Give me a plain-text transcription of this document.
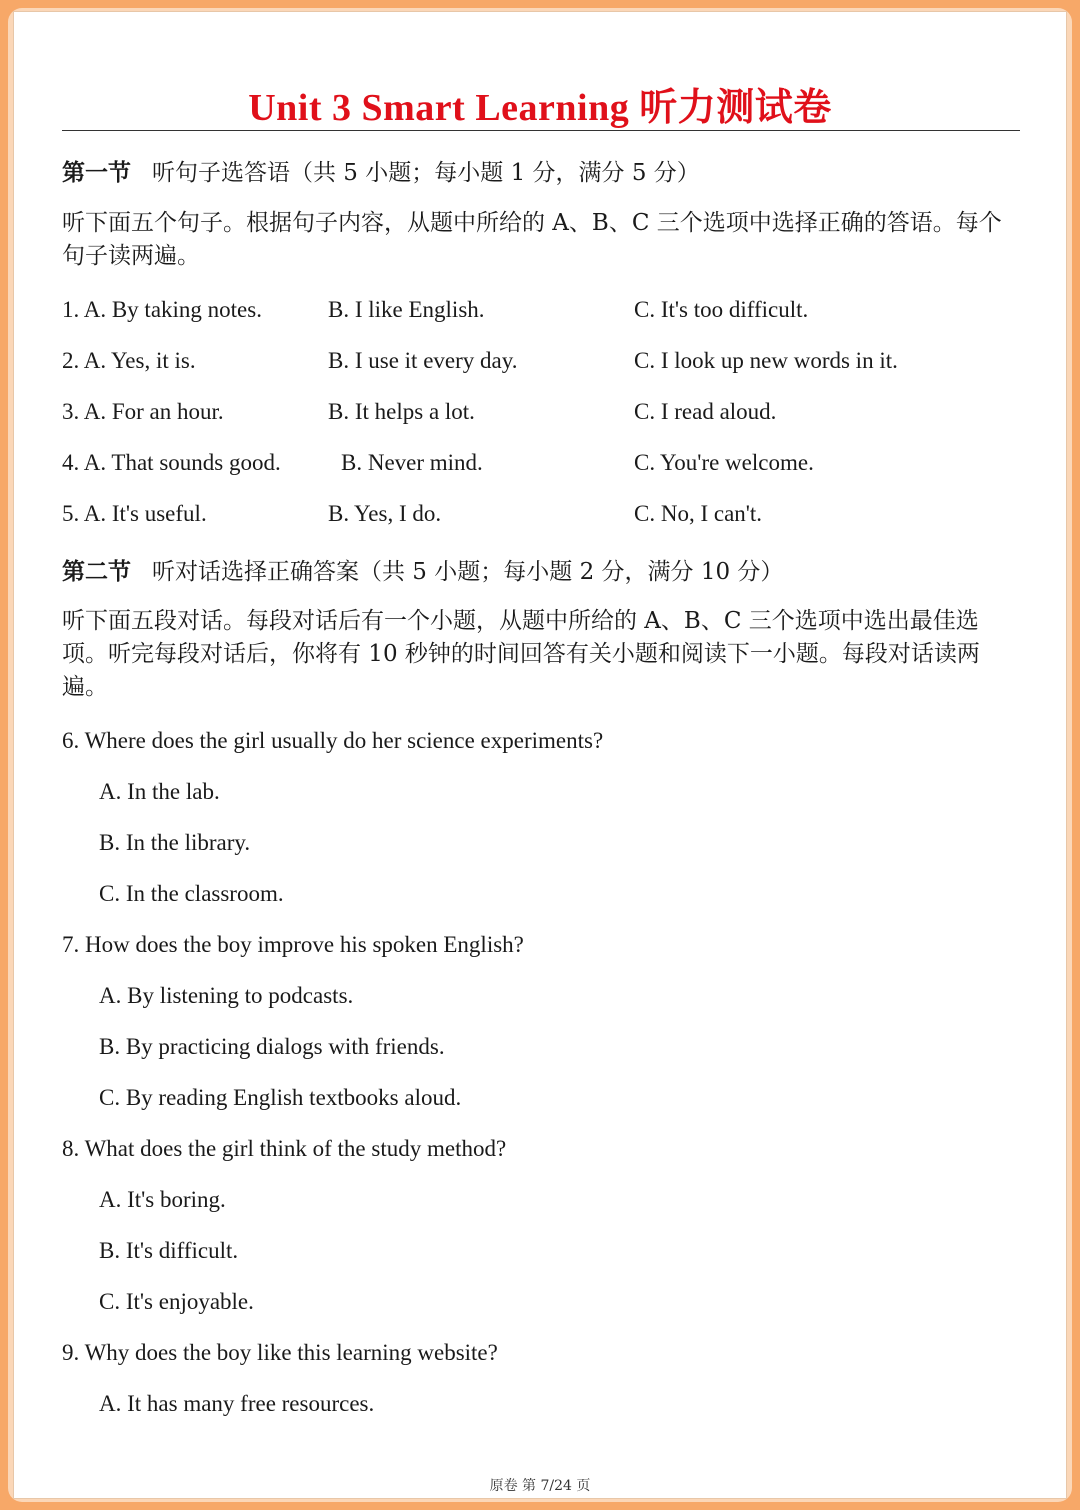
Unit 3 Smart Learning 听力测试卷
第一节 听句子选答语（共 5 小题；每小题 1 分，满分 5 分）
听下面五个句子。根据句子内容，从题中所给的 A、B、C 三个选项中选择正确的答语。每个句子读两遍。
1. A. By taking notes.	B. I like English.	C. It's too difficult.
2. A. Yes, it is.	B. I use it every day.	C. I look up new words in it.
3. A. For an hour.	B. It helps a lot.	C. I read aloud.
4. A. That sounds good.	B. Never mind.	C. You're welcome.
5. A. It's useful.	B. Yes, I do.	C. No, I can't.
第二节 听对话选择正确答案（共 5 小题；每小题 2 分，满分 10 分）
听下面五段对话。每段对话后有一个小题，从题中所给的 A、B、C 三个选项中选出最佳选项。听完每段对话后，你将有 10 秒钟的时间回答有关小题和阅读下一小题。每段对话读两遍。
6. Where does the girl usually do her science experiments?
A. In the lab.
B. In the library.
C. In the classroom.
7. How does the boy improve his spoken English?
A. By listening to podcasts.
B. By practicing dialogs with friends.
C. By reading English textbooks aloud.
8. What does the girl think of the study method?
A. It's boring.
B. It's difficult.
C. It's enjoyable.
9. Why does the boy like this learning website?
A. It has many free resources.
原卷 第 7/24 页
